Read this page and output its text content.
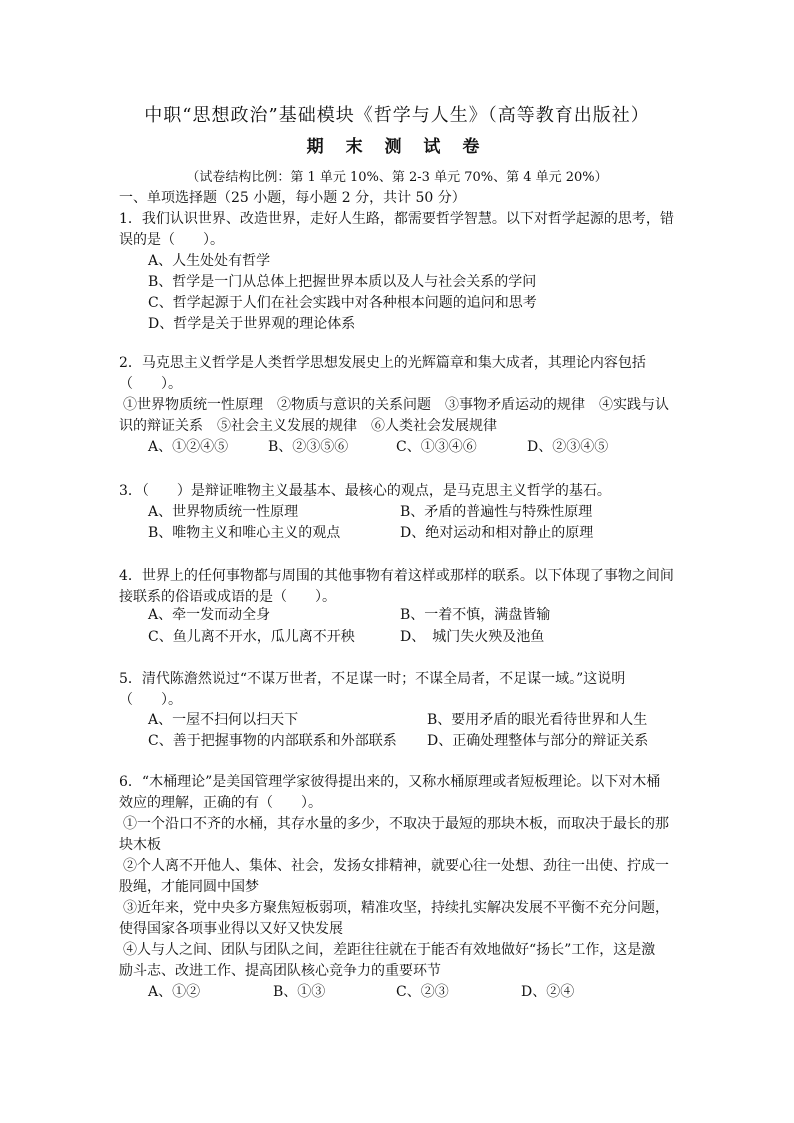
中职“思想政治”基础模块《哲学与人生》（高等教育出版社）
期 末 测 试 卷
（试卷结构比例：第 1 单元 10%、第 2-3 单元 70%、第 4 单元 20%）
一、单项选择题（25 小题，每小题 2 分，共计 50 分）
1．我们认识世界、改造世界，走好人生路，都需要哲学智慧。以下对哲学起源的思考，错
误的是（　　）。
A、人生处处有哲学
B、哲学是一门从总体上把握世界本质以及人与社会关系的学问
C、哲学起源于人们在社会实践中对各种根本问题的追问和思考
D、哲学是关于世界观的理论体系
2．马克思主义哲学是人类哲学思想发展史上的光辉篇章和集大成者，其理论内容包括
（　　）。
①世界物质统一性原理　②物质与意识的关系问题　③事物矛盾运动的规律　④实践与认
识的辩证关系　⑤社会主义发展的规律　⑥人类社会发展规律
A、①②④⑤	B、②③⑤⑥	C、①③④⑥	D、②③④⑤
3．（　　）是辩证唯物主义最基本、最核心的观点，是马克思主义哲学的基石。
A、世界物质统一性原理	B、矛盾的普遍性与特殊性原理
B、唯物主义和唯心主义的观点	D、绝对运动和相对静止的原理
4．世界上的任何事物都与周围的其他事物有着这样或那样的联系。以下体现了事物之间间
接联系的俗语或成语的是（　　）。
A、牵一发而动全身	B、一着不慎，满盘皆输
C、鱼儿离不开水，瓜儿离不开秧	D、　城门失火殃及池鱼
5．清代陈澹然说过“不谋万世者，不足谋一时；不谋全局者，不足谋一域。”这说明
（　　）。
A、一屋不扫何以扫天下	B、要用矛盾的眼光看待世界和人生
C、善于把握事物的内部联系和外部联系	D、正确处理整体与部分的辩证关系
6．“木桶理论”是美国管理学家彼得提出来的，又称水桶原理或者短板理论。以下对木桶
效应的理解，正确的有（　　）。
①一个沿口不齐的水桶，其存水量的多少，不取决于最短的那块木板，而取决于最长的那
块木板
②个人离不开他人、集体、社会，发扬女排精神，就要心往一处想、劲往一出使、拧成一
股绳，才能同圆中国梦
③近年来，党中央多方聚焦短板弱项，精准攻坚，持续扎实解决发展不平衡不充分问题，
使得国家各项事业得以又好又快发展
④人与人之间、团队与团队之间，差距往往就在于能否有效地做好“扬长”工作，这是激
励斗志、改进工作、提高团队核心竞争力的重要环节
A、①②	B、①③	C、②③	D、②④
